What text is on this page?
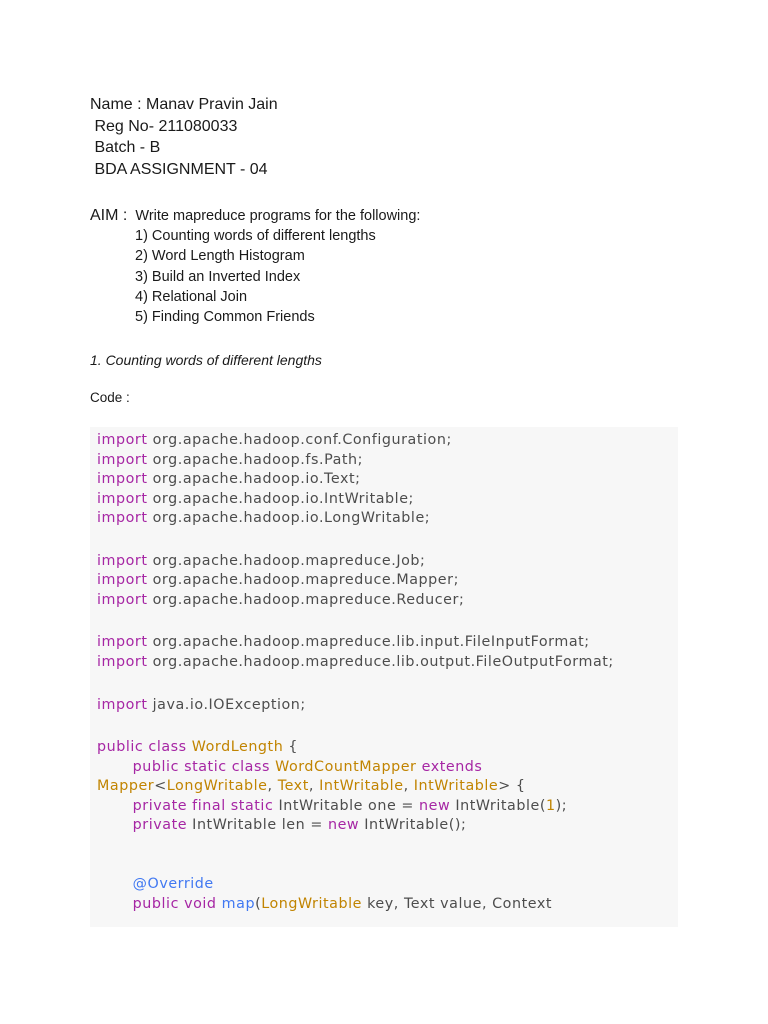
Name : Manav Pravin Jain
Reg No- 211080033
Batch - B
BDA ASSIGNMENT - 04
AIM :  Write mapreduce programs for the following:
1) Counting words of different lengths
2) Word Length Histogram
3) Build an Inverted Index
4) Relational Join
5) Finding Common Friends
1. Counting words of different lengths
Code :
import org.apache.hadoop.conf.Configuration;
import org.apache.hadoop.fs.Path;
import org.apache.hadoop.io.Text;
import org.apache.hadoop.io.IntWritable;
import org.apache.hadoop.io.LongWritable;

import org.apache.hadoop.mapreduce.Job;
import org.apache.hadoop.mapreduce.Mapper;
import org.apache.hadoop.mapreduce.Reducer;

import org.apache.hadoop.mapreduce.lib.input.FileInputFormat;
import org.apache.hadoop.mapreduce.lib.output.FileOutputFormat;

import java.io.IOException;

public class WordLength {
public static class WordCountMapper extends
Mapper<LongWritable, Text, IntWritable, IntWritable> {
private final static IntWritable one = new IntWritable(1);
private IntWritable len = new IntWritable();

@Override
public void map(LongWritable key, Text value, Context
